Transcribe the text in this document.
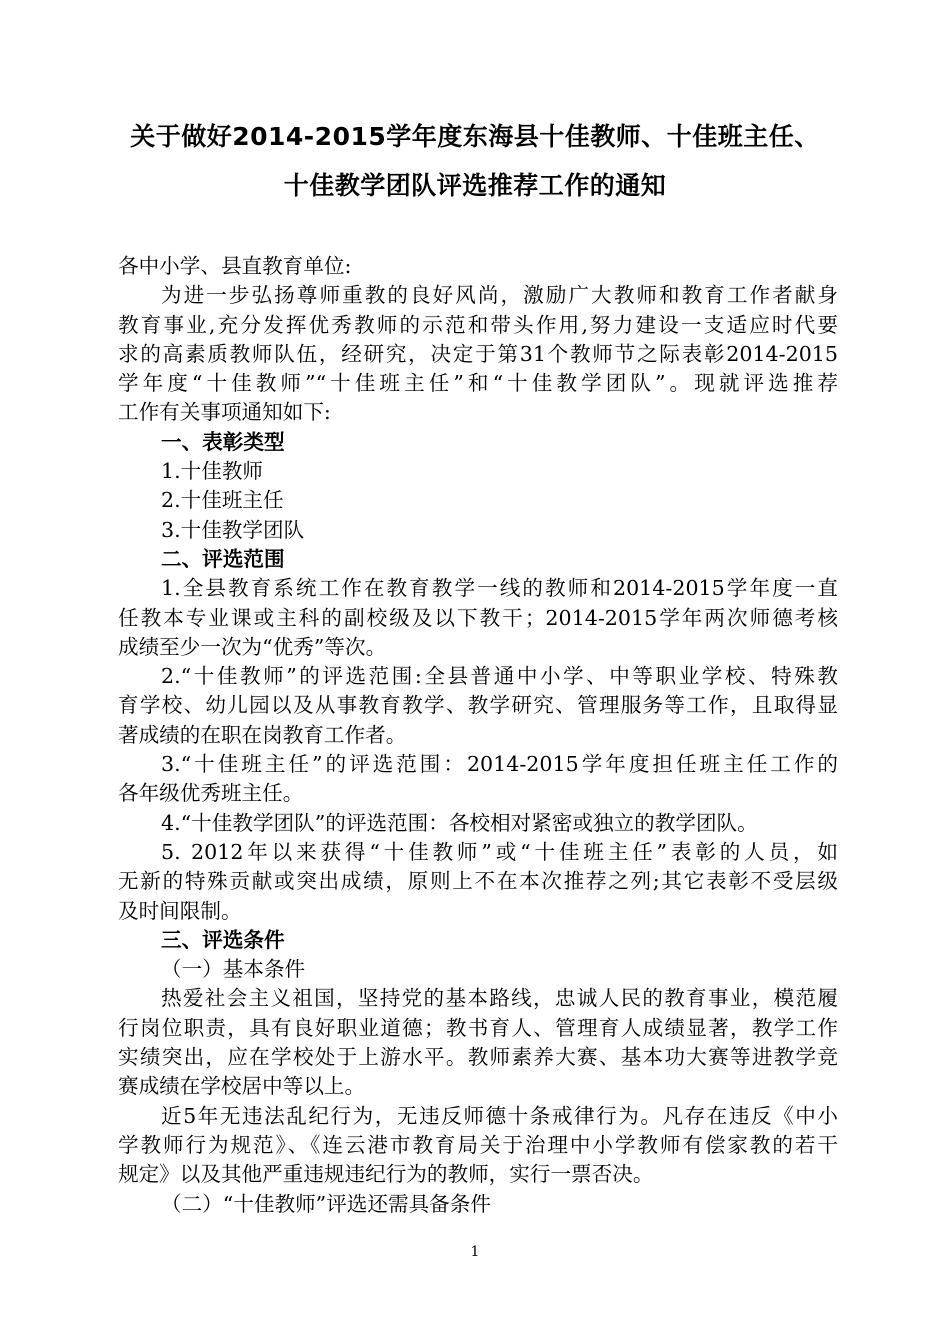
关于做好2014-2015学年度东海县十佳教师、十佳班主任、
十佳教学团队评选推荐工作的通知
各中小学、县直教育单位:
为进一步弘扬尊师重教的良好风尚，激励广大教师和教育工作者献身
教育事业,充分发挥优秀教师的示范和带头作用,努力建设一支适应时代要
求的高素质教师队伍，经研究，决定于第31个教师节之际表彰2014-2015
学年度“十佳教师”“十佳班主任”和“十佳教学团队”。现就评选推荐
工作有关事项通知如下:
一、表彰类型
1.十佳教师
2.十佳班主任
3.十佳教学团队
二、评选范围
1.全县教育系统工作在教育教学一线的教师和2014-2015学年度一直
任教本专业课或主科的副校级及以下教干；2014-2015学年两次师德考核
成绩至少一次为“优秀”等次。
2.“十佳教师”的评选范围:全县普通中小学、中等职业学校、特殊教
育学校、幼儿园以及从事教育教学、教学研究、管理服务等工作，且取得显
著成绩的在职在岗教育工作者。
3.“十佳班主任”的评选范围：2014-2015学年度担任班主任工作的
各年级优秀班主任。
4.“十佳教学团队”的评选范围：各校相对紧密或独立的教学团队。
5. 2012年以来获得“十佳教师”或“十佳班主任”表彰的人员，如
无新的特殊贡献或突出成绩，原则上不在本次推荐之列;其它表彰不受层级
及时间限制。
三、评选条件
（一）基本条件
热爱社会主义祖国，坚持党的基本路线，忠诚人民的教育事业，模范履
行岗位职责，具有良好职业道德；教书育人、管理育人成绩显著，教学工作
实绩突出，应在学校处于上游水平。教师素养大赛、基本功大赛等进教学竞
赛成绩在学校居中等以上。
近5年无违法乱纪行为，无违反师德十条戒律行为。凡存在违反《中小
学教师行为规范》、《连云港市教育局关于治理中小学教师有偿家教的若干
规定》以及其他严重违规违纪行为的教师，实行一票否决。
（二）“十佳教师”评选还需具备条件
1
